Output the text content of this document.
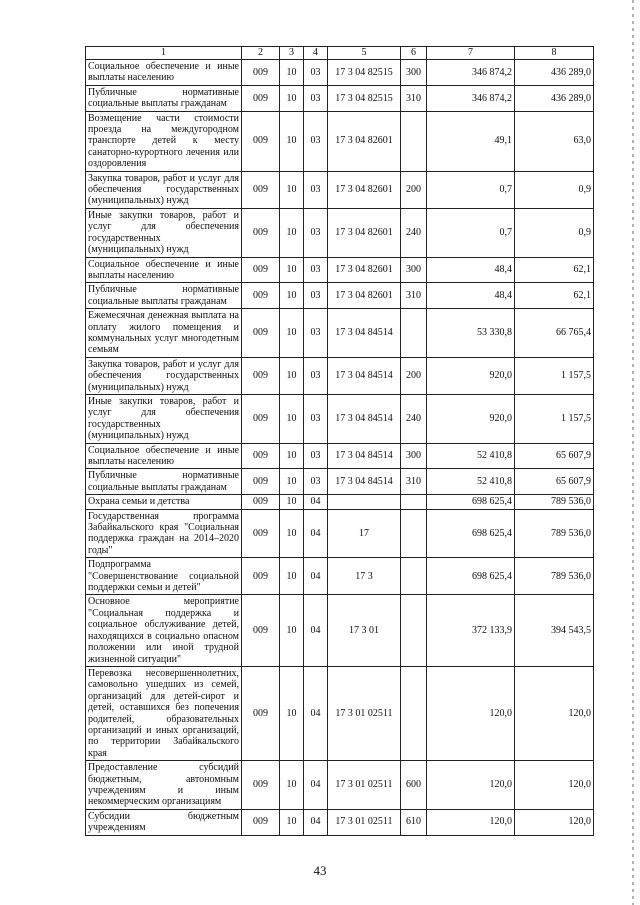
1	2	3	4	5	6	7	8
Социальное обеспечение и иные выплаты населению	009	10	03	17 3 04 82515	300	346 874,2	436 289,0
Публичные нормативные социальные выплаты гражданам	009	10	03	17 3 04 82515	310	346 874,2	436 289,0
Возмещение части стоимости проезда на междугородном транспорте детей к месту санаторно-курортного лечения или оздоровления	009	10	03	17 3 04 82601		49,1	63,0
Закупка товаров, работ и услуг для обеспечения государственных (муниципальных) нужд	009	10	03	17 3 04 82601	200	0,7	0,9
Иные закупки товаров, работ и услуг для обеспечения государственных (муниципальных) нужд	009	10	03	17 3 04 82601	240	0,7	0,9
Социальное обеспечение и иные выплаты населению	009	10	03	17 3 04 82601	300	48,4	62,1
Публичные нормативные социальные выплаты гражданам	009	10	03	17 3 04 82601	310	48,4	62,1
Ежемесячная денежная выплата на оплату жилого помещения и коммунальных услуг многодетным семьям	009	10	03	17 3 04 84514		53 330,8	66 765,4
Закупка товаров, работ и услуг для обеспечения государственных (муниципальных) нужд	009	10	03	17 3 04 84514	200	920,0	1 157,5
Иные закупки товаров, работ и услуг для обеспечения государственных (муниципальных) нужд	009	10	03	17 3 04 84514	240	920,0	1 157,5
Социальное обеспечение и иные выплаты населению	009	10	03	17 3 04 84514	300	52 410,8	65 607,9
Публичные нормативные социальные выплаты гражданам	009	10	03	17 3 04 84514	310	52 410,8	65 607,9
Охрана семьи и детства	009	10	04			698 625,4	789 536,0
Государственная программа Забайкальского края "Социальная поддержка граждан на 2014–2020 годы"	009	10	04	17		698 625,4	789 536,0
Подпрограмма "Совершенствование социальной поддержки семьи и детей"	009	10	04	17 3		698 625,4	789 536,0
Основное мероприятие "Социальная поддержка и социальное обслуживание детей, находящихся в социально опасном положении или иной трудной жизненной ситуации"	009	10	04	17 3 01		372 133,9	394 543,5
Перевозка несовершеннолетних, самовольно ушедших из семей, организаций для детей-сирот и детей, оставшихся без попечения родителей, образовательных организаций и иных организаций, по территории Забайкальского края	009	10	04	17 3 01 02511		120,0	120,0
Предоставление субсидий бюджетным, автономным учреждениям и иным некоммерческим организациям	009	10	04	17 3 01 02511	600	120,0	120,0
Субсидии бюджетным учреждениям	009	10	04	17 3 01 02511	610	120,0	120,0
43
